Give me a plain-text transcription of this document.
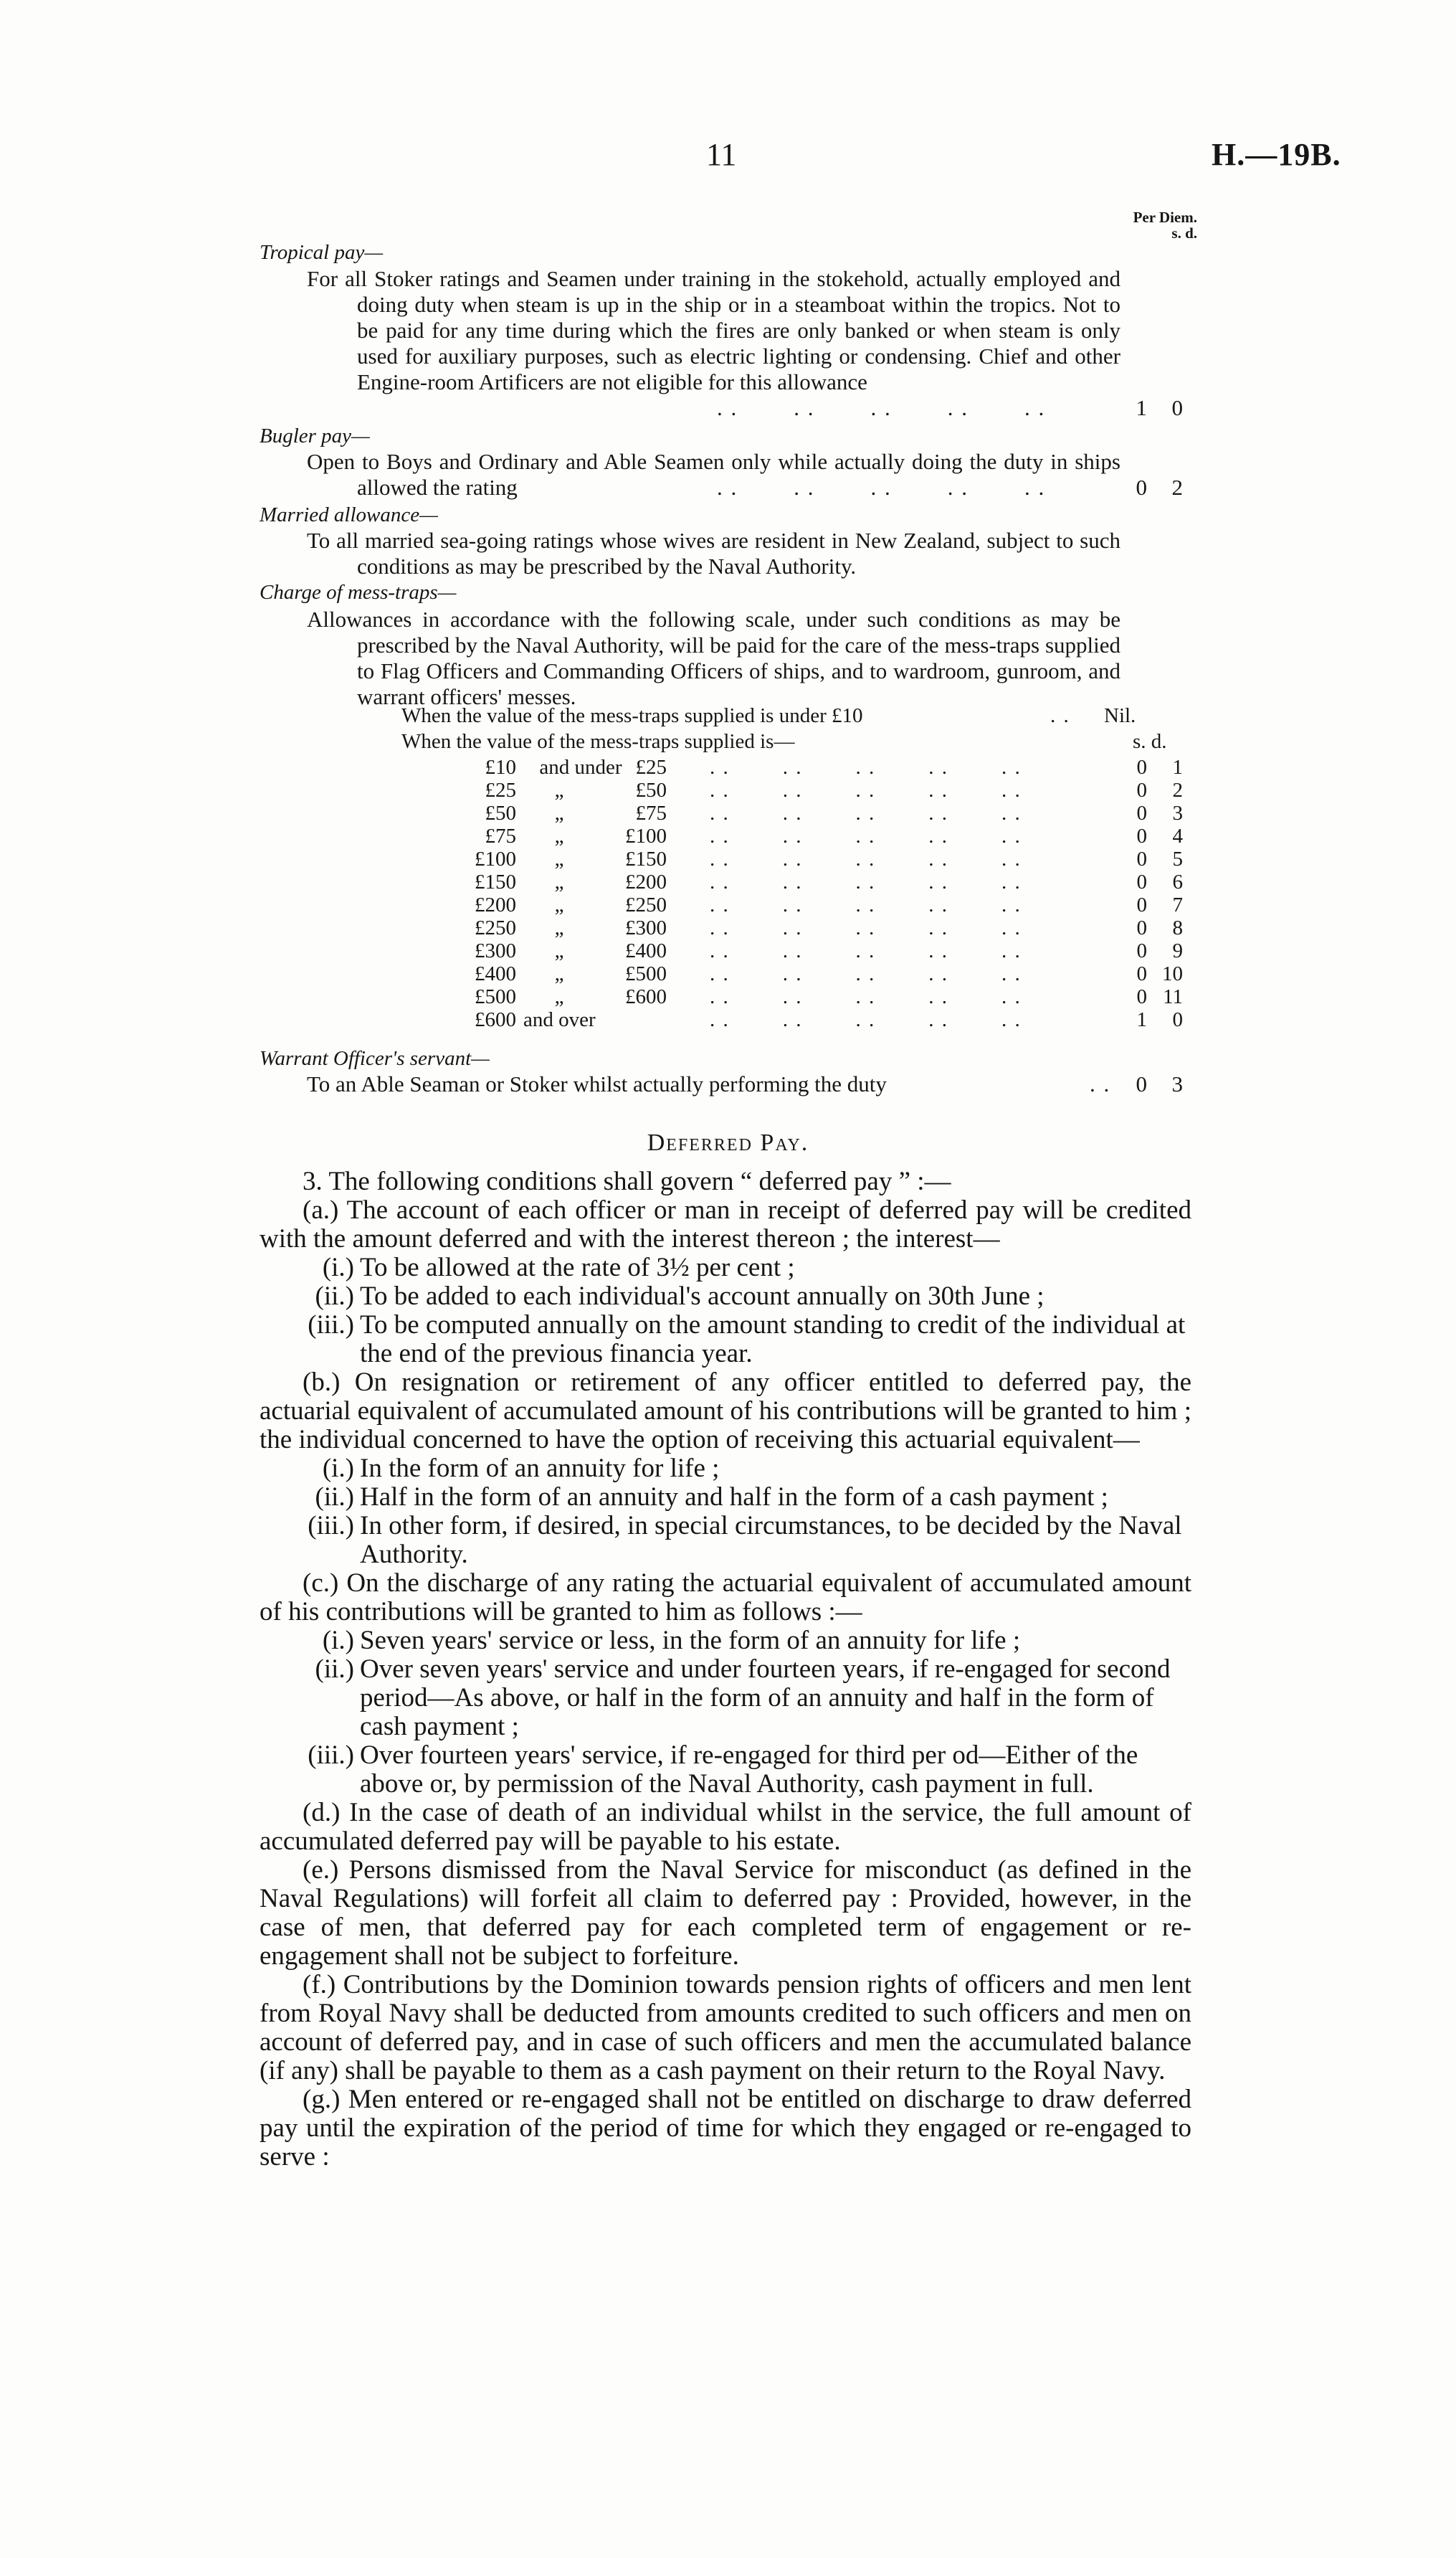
11	H.—19B.
Per Diem.
s. d.
Tropical pay—

For all Stoker ratings and Seamen under training in the stokehold, actually employed and doing duty when steam is up in the ship or in a steamboat within the tropics. Not to be paid for any time during which the fires are only banked or when steam is only used for auxiliary purposes, such as electric lighting or condensing. Chief and other Engine-room Artificers are not eligible for this allowance

1 0
Bugler pay—

Open to Boys and Ordinary and Able Seamen only while actually doing the duty in ships allowed the rating	0 2
Married allowance—

To all married sea-going ratings whose wives are resident in New Zealand, subject to such conditions as may be prescribed by the Naval Authority.

Charge of mess-traps—

Allowances in accordance with the following scale, under such conditions as may be prescribed by the Naval Authority, will be paid for the care of the mess-traps supplied to Flag Officers and Commanding Officers of ships, and to wardroom, gunroom, and warrant officers' messes.

When the value of the mess-traps supplied is under £10	. . Nil.
When the value of the mess-traps supplied is—	s. d.
£10	and under £25	0	1
. .        . .        . .        . .        . .
£25	„	£50	0	2
. .        . .        . .        . .        . .
£50	„	£75	0	3
. .        . .        . .        . .        . .
£75	„	£100	0	4
. .        . .        . .        . .        . .
£100	„	£150	0	5
. .        . .        . .        . .        . .
£150	„	£200	0	6
. .        . .        . .        . .        . .
£200	„	£250	0	7
. .        . .        . .        . .        . .
£250	„	£300	0	8
. .        . .        . .        . .        . .
£300	„	£400	0	9
. .        . .        . .        . .        . .
£400	„	£500	0 10
. .        . .        . .        . .        . .
£500	„	£600	0 11
. .        . .        . .        . .        . .
£600 and over	1	0
. .        . .        . .        . .        . .
Warrant Officer's servant—
To an Able Seaman or Stoker whilst actually performing the duty	. .	0 3
Deferred Pay.

3. The following conditions shall govern “ deferred pay ” :—

(a.) The account of each officer or man in receipt of deferred pay will be credited with the amount deferred and with the interest thereon ; the interest—

(i.) To be allowed at the rate of 3½ per cent ;
(ii.) To be added to each individual's account annually on 30th June ;
(iii.) To be computed annually on the amount standing to credit of the individual at the end of the previous financia year.

(b.) On resignation or retirement of any officer entitled to deferred pay, the actuarial equivalent of accumulated amount of his contributions will be granted to him ; the individual concerned to have the option of receiving this actuarial equivalent—

(i.) In the form of an annuity for life ;
(ii.) Half in the form of an annuity and half in the form of a cash payment ;
(iii.) In other form, if desired, in special circumstances, to be decided by the Naval Authority.

(c.) On the discharge of any rating the actuarial equivalent of accumulated amount of his contributions will be granted to him as follows :—

(i.) Seven years' service or less, in the form of an annuity for life ;
(ii.) Over seven years' service and under fourteen years, if re-engaged for second period—As above, or half in the form of an annuity and half in the form of cash payment ;
(iii.) Over fourteen years' service, if re-engaged for third per od—Either of the above or, by permission of the Naval Authority, cash payment in full.

(d.) In the case of death of an individual whilst in the service, the full amount of accumulated deferred pay will be payable to his estate.

(e.) Persons dismissed from the Naval Service for misconduct (as defined in the Naval Regulations) will forfeit all claim to deferred pay : Provided, however, in the case of men, that deferred pay for each completed term of engagement or re-engagement shall not be subject to forfeiture.

(f.) Contributions by the Dominion towards pension rights of officers and men lent from Royal Navy shall be deducted from amounts credited to such officers and men on account of deferred pay, and in case of such officers and men the accumulated balance (if any) shall be payable to them as a cash payment on their return to the Royal Navy.

(g.) Men entered or re-engaged shall not be entitled on discharge to draw deferred pay until the expiration of the period of time for which they engaged or re-engaged to serve :

. .        . .        . .        . .        . .
. .        . .        . .        . .        . .
